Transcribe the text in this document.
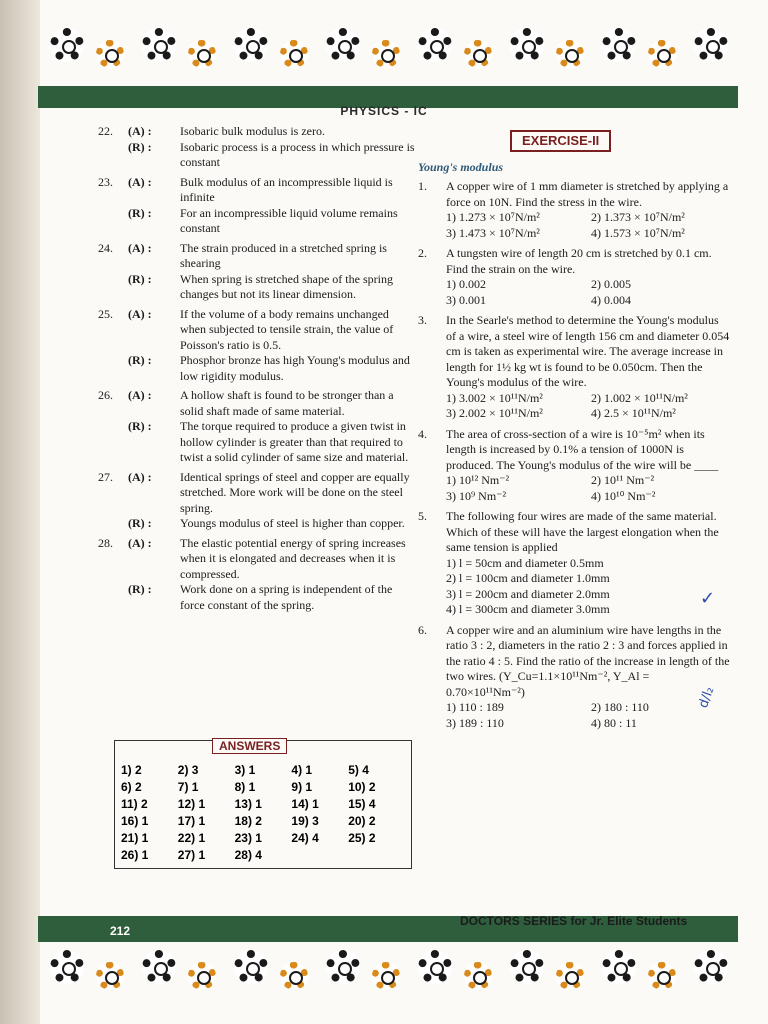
PHYSICS - IC
22.	(A) :	Isobaric bulk modulus is zero.
(R) :	Isobaric process is a process in which pressure is constant
23.	(A) :	Bulk modulus of an incompressible liquid is infinite
(R) :	For an incompressible liquid volume remains constant
24.	(A) :	The strain produced in a stretched spring is shearing
(R) :	When spring is stretched shape of the spring changes but not its linear dimension.
25.	(A) :	If the volume of a body remains unchanged when subjected to tensile strain, the value of Poisson's ratio is 0.5.
(R) :	Phosphor bronze has high Young's modulus and low rigidity modulus.
26.	(A) :	A hollow shaft is found to be stronger than a solid shaft made of same material.
(R) :	The torque required to produce a given twist in hollow cylinder is greater than that required to twist a solid cylinder of same size and material.
27.	(A) :	Identical springs of steel and copper are equally stretched. More work will be done on the steel spring.
(R) :	Youngs modulus of steel is higher than copper.
28.	(A) :	The elastic potential energy of spring increases when it is elongated and decreases when it is compressed.
(R) :	Work done on a spring is independent of the force constant of the spring.
1) 2	2) 3	3) 1	4) 1	5) 4
6) 2	7) 1	8) 1	9) 1	10) 2
11) 2	12) 1	13) 1	14) 1	15) 4
16) 1	17) 1	18) 2	19) 3	20) 2
21) 1	22) 1	23) 1	24) 4	25) 2
26) 1	27) 1	28) 4
ANSWERS
EXERCISE-II
Young's modulus
1.	A copper wire of 1 mm diameter is stretched by applying a force on 10N. Find the stress in the wire.
1) 1.273 × 10⁷N/m²	2) 1.373 × 10⁷N/m²
3) 1.473 × 10⁷N/m²	4) 1.573 × 10⁷N/m²
2.	A tungsten wire of length 20 cm is stretched by 0.1 cm. Find the strain on the wire.
1) 0.002	2) 0.005
3) 0.001	4) 0.004
3.	In the Searle's method to determine the Young's modulus of a wire, a steel wire of length 156 cm and diameter 0.054 cm is taken as experimental wire. The average increase in length for 1½ kg wt is found to be 0.050cm. Then the Young's modulus of the wire.
1) 3.002 × 10¹¹N/m²	2) 1.002 × 10¹¹N/m²
3) 2.002 × 10¹¹N/m²	4) 2.5 × 10¹¹N/m²
4.	The area of cross-section of a wire is 10⁻⁵m² when its length is increased by 0.1% a tension of 1000N is produced. The Young's modulus of the wire will be ____
1) 10¹² Nm⁻²	2) 10¹¹ Nm⁻²
3) 10⁹ Nm⁻²	4) 10¹⁰ Nm⁻²
5.	The following four wires are made of the same material. Which of these will have the largest elongation when the same tension is applied
1) l = 50cm and diameter 0.5mm
2) l = 100cm and diameter 1.0mm
3) l = 200cm and diameter 2.0mm
4) l = 300cm and diameter 3.0mm
6.	A copper wire and an aluminium wire have lengths in the ratio 3 : 2, diameters in the ratio 2 : 3 and forces applied in the ratio 4 : 5. Find the ratio of the increase in length of the two wires. (Y_Cu=1.1×10¹¹Nm⁻², Y_Al = 0.70×10¹¹Nm⁻²)
1) 110 : 189	2) 180 : 110
3) 189 : 110	4) 80 : 11
212
DOCTORS SERIES for Jr. Elite Students
✓
d/l₂
